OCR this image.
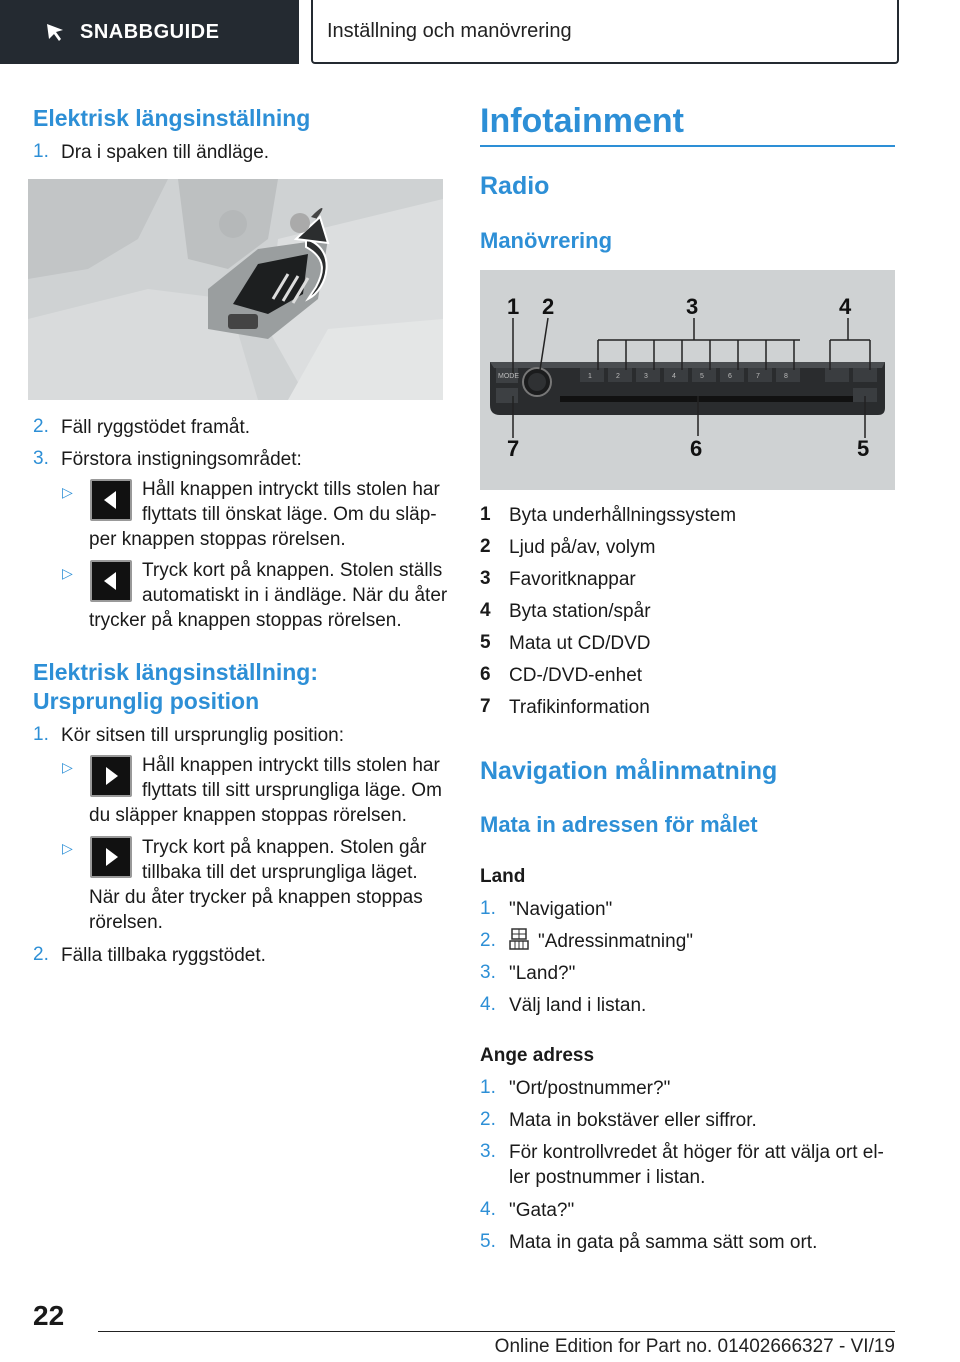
SNABBGUIDE	Inställning och manövrering
Elektrisk längsinställning
1. Dra i spaken till ändläge.
2. Fäll ryggstödet framåt.
3. Förstora instigningsområdet:
▷	Håll knappen intryckt tills stolen har
flyttats till önskat läge. Om du släp-
per knappen stoppas rörelsen.
▷	Tryck kort på knappen. Stolen ställs
automatiskt in i ändläge. När du åter
trycker på knappen stoppas rörelsen.
Elektrisk längsinställning:
Ursprunglig position
1. Kör sitsen till ursprunglig position:
▷	Håll knappen intryckt tills stolen har
flyttats till sitt ursprungliga läge. Om
du släpper knappen stoppas rörelsen.
▷	Tryck kort på knappen. Stolen går
tillbaka till det ursprungliga läget.
När du åter trycker på knappen stoppas
rörelsen.
2. Fälla tillbaka ryggstödet.
Infotainment
Radio
Manövrering
1 2	3	4
7	6	5
MODE	1	2	3	4	5	6	7	8
1 Byta underhållningssystem
2 Ljud på/av, volym
3 Favoritknappar
4 Byta station/spår
5 Mata ut CD/DVD
6 CD-/DVD-enhet
7 Trafikinformation
Navigation målinmatning
Mata in adressen för målet
Land
1. "Navigation"
2. "Adressinmatning"
3. "Land?"
4. Välj land i listan.
Ange adress
1. "Ort/postnummer?"
2. Mata in bokstäver eller siffror.
3. För kontrollvredet åt höger för att välja ort el-
ler postnummer i listan.
4. "Gata?"
5. Mata in gata på samma sätt som ort.
22
Online Edition for Part no. 01402666327 - VI/19
